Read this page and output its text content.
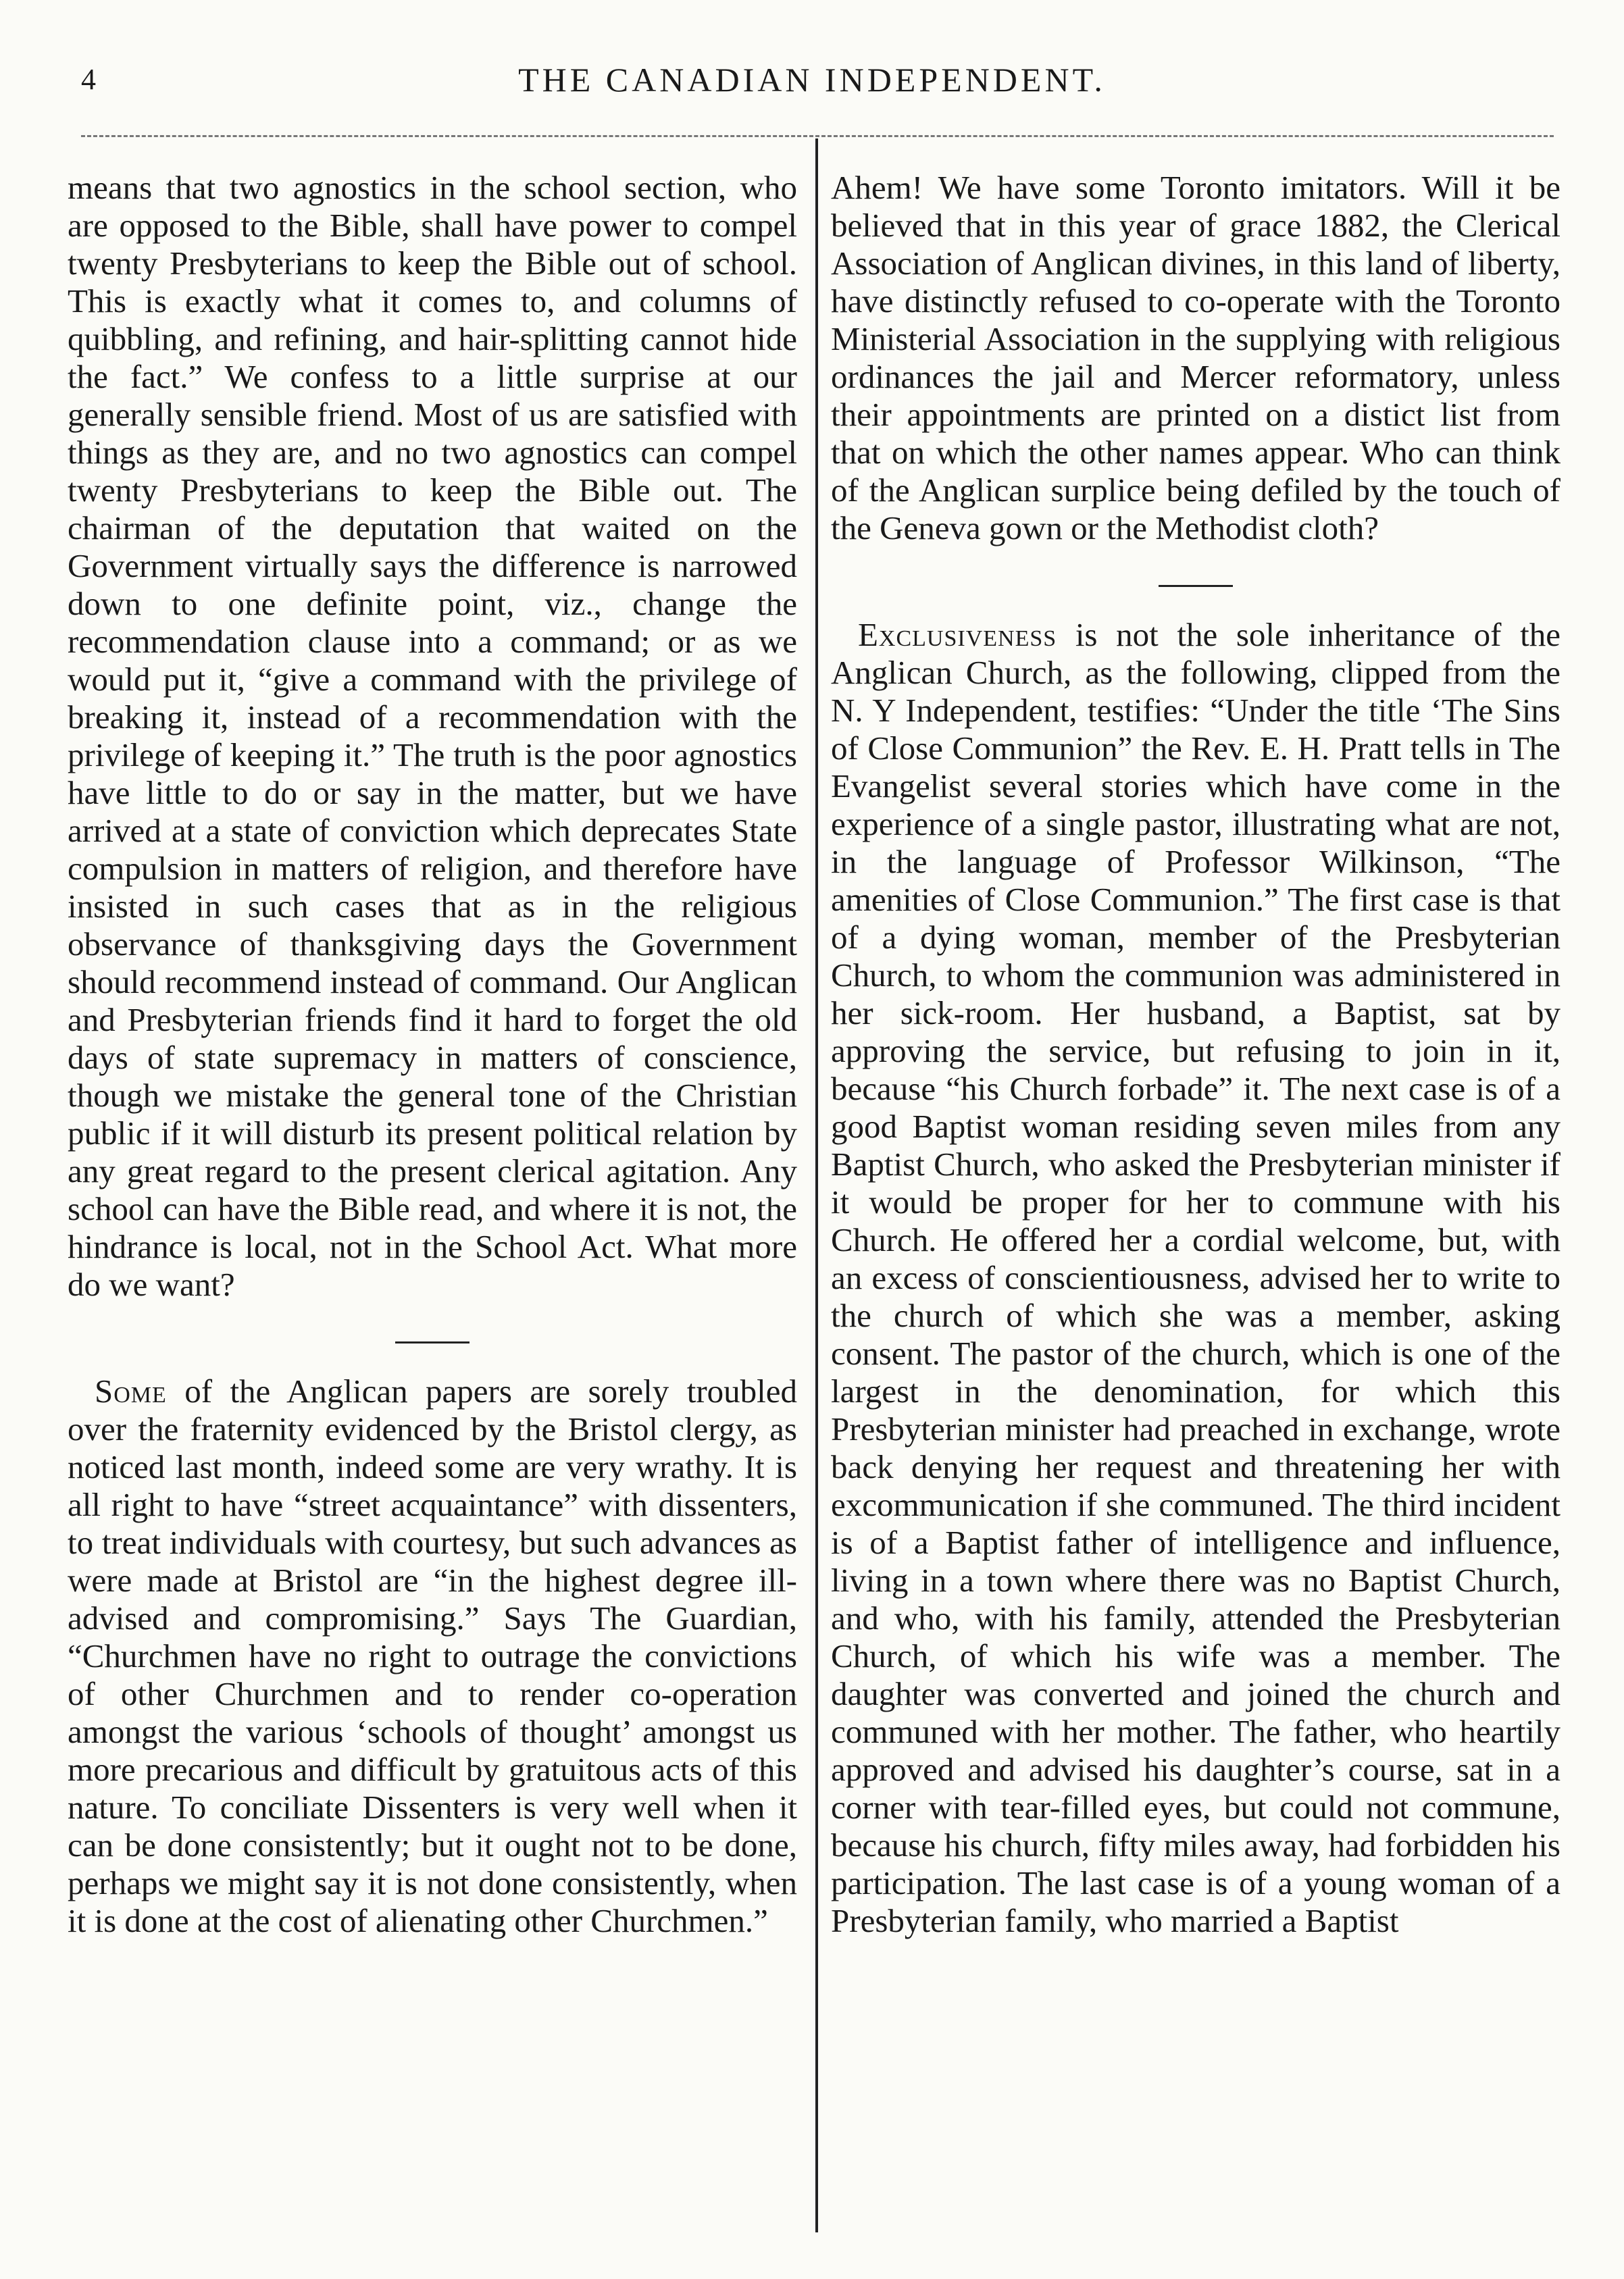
4	THE CANADIAN INDEPENDENT.

means that two agnostics in the school section, who are opposed to the Bible, shall have power to compel twenty Presbyterians to keep the Bible out of school. This is exactly what it comes to, and columns of quibbling, and refining, and hair-splitting cannot hide the fact.” We confess to a little surprise at our generally sensible friend. Most of us are satisfied with things as they are, and no two agnostics can compel twenty Presbyterians to keep the Bible out. The chairman of the deputation that waited on the Government virtually says the difference is narrowed down to one definite point, viz., change the recommendation clause into a command; or as we would put it, “give a command with the privilege of breaking it, instead of a recommendation with the privilege of keeping it.” The truth is the poor agnostics have little to do or say in the matter, but we have arrived at a state of conviction which deprecates State compulsion in matters of religion, and therefore have insisted in such cases that as in the religious observance of thanksgiving days the Government should recommend instead of command. Our Anglican and Presbyterian friends find it hard to forget the old days of state supremacy in matters of conscience, though we mistake the general tone of the Christian public if it will disturb its present political relation by any great regard to the present clerical agitation. Any school can have the Bible read, and where it is not, the hindrance is local, not in the School Act. What more do we want?

Some of the Anglican papers are sorely troubled over the fraternity evidenced by the Bristol clergy, as noticed last month, indeed some are very wrathy. It is all right to have “street acquaintance” with dissenters, to treat individuals with courtesy, but such advances as were made at Bristol are “in the highest degree ill-advised and compromising.” Says The Guardian, “Churchmen have no right to outrage the convictions of other Churchmen and to render co-operation amongst the various ‘schools of thought’ amongst us more precarious and difficult by gratuitous acts of this nature. To conciliate Dissenters is very well when it can be done consistently; but it ought not to be done, perhaps we might say it is not done consistently, when it is done at the cost of alienating other Churchmen.”

Ahem! We have some Toronto imitators. Will it be believed that in this year of grace 1882, the Clerical Association of Anglican divines, in this land of liberty, have distinctly refused to co-operate with the Toronto Ministerial Association in the supplying with religious ordinances the jail and Mercer reformatory, unless their appointments are printed on a distict list from that on which the other names appear. Who can think of the Anglican surplice being defiled by the touch of the Geneva gown or the Methodist cloth?

Exclusiveness is not the sole inheritance of the Anglican Church, as the following, clipped from the N. Y Independent, testifies: “Under the title ‘The Sins of Close Communion” the Rev. E. H. Pratt tells in The Evangelist several stories which have come in the experience of a single pastor, illustrating what are not, in the language of Professor Wilkinson, “The amenities of Close Communion.” The first case is that of a dying woman, member of the Presbyterian Church, to whom the communion was administered in her sick-room. Her husband, a Baptist, sat by approving the service, but refusing to join in it, because “his Church forbade” it. The next case is of a good Baptist woman residing seven miles from any Baptist Church, who asked the Presbyterian minister if it would be proper for her to commune with his Church. He offered her a cordial welcome, but, with an excess of conscientiousness, advised her to write to the church of which she was a member, asking consent. The pastor of the church, which is one of the largest in the denomination, for which this Presbyterian minister had preached in exchange, wrote back denying her request and threatening her with excommunication if she communed. The third incident is of a Baptist father of intelligence and influence, living in a town where there was no Baptist Church, and who, with his family, attended the Presbyterian Church, of which his wife was a member. The daughter was converted and joined the church and communed with her mother. The father, who heartily approved and advised his daughter’s course, sat in a corner with tear-filled eyes, but could not commune, because his church, fifty miles away, had forbidden his participation. The last case is of a young woman of a Presbyterian family, who married a Baptist
